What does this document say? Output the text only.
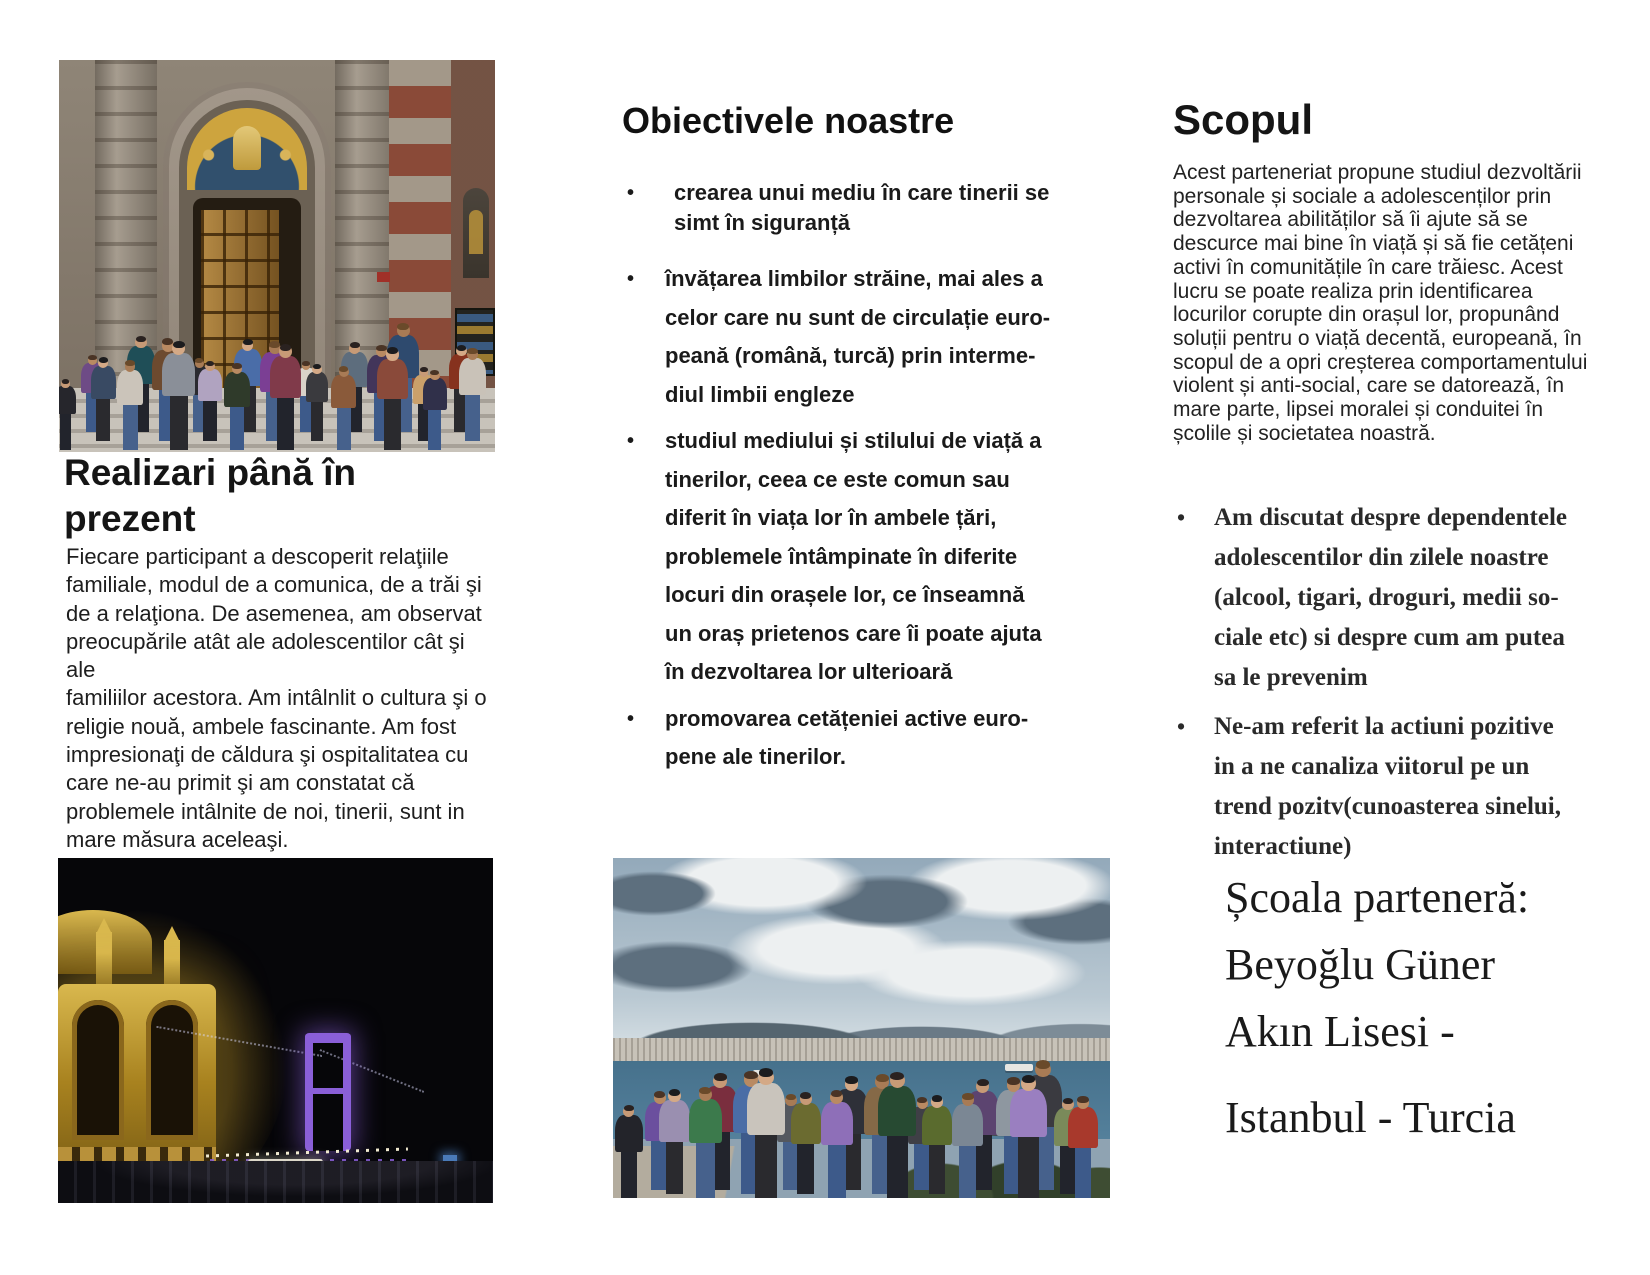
Realizari până în
prezent
Fiecare participant a descoperit relaţiile
familiale, modul de a comunica, de a trăi şi
de a relaţiona. De asemenea, am observat
preocupările atât ale adolescentilor cât şi ale
familiilor acestora. Am intâlnlit o cultura şi o
religie nouă, ambele fascinante. Am fost
impresionaţi de căldura şi ospitalitatea cu
care ne-au primit şi am constatat că
problemele intâlnite de noi, tinerii, sunt in
mare măsura aceleaşi.
Obiectivele noastre
•	crearea unui mediu în care tinerii se
simt în siguranță
•	învățarea limbilor străine, mai ales a
celor care nu sunt de circulație euro-
peană (română, turcă) prin interme-
diul limbii engleze
•	studiul mediului și stilului de viață a
tinerilor, ceea ce este comun sau
diferit în viața lor în ambele țări,
problemele întâmpinate în diferite
locuri din orașele lor, ce înseamnă
un oraș prietenos care îi poate ajuta
în dezvoltarea lor ulterioară
•	promovarea cetățeniei active euro-
pene ale tinerilor.
Scopul
Acest parteneriat propune studiul dezvoltării
personale și sociale a adolescenților prin
dezvoltarea abilităților să îi ajute să se
descurce mai bine în viață și să fie cetățeni
activi în comunitățile în care trăiesc. Acest
lucru se poate realiza prin identificarea
locurilor corupte din orașul lor, propunând
soluții pentru o viață decentă, europeană, în
scopul de a opri creșterea comportamentului
violent și anti-social, care se datorează, în
mare parte, lipsei moralei și conduitei în
școlile și societatea noastră.
•	Am discutat despre dependentele
adolescentilor din zilele noastre
(alcool, tigari, droguri, medii so-
ciale etc) si despre cum am putea
sa le prevenim
•	Ne-am referit la actiuni pozitive
in a ne canaliza viitorul pe un
trend pozitv(cunoasterea sinelui,
interactiune)
Școala parteneră:
Beyoğlu Güner
Akın Lisesi -
Istanbul - Turcia
